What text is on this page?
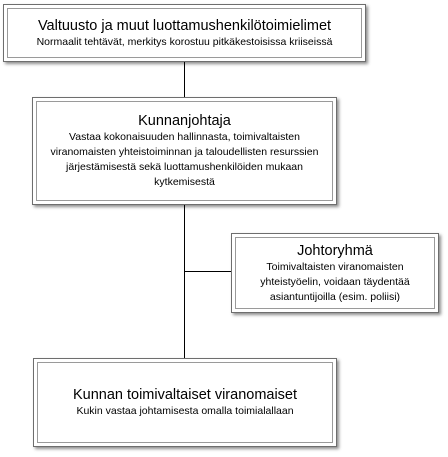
Valtuusto ja muut luottamushenkilötoimielimet
Normaalit tehtävät, merkitys korostuu pitkäkestoisissa kriiseissä
Kunnanjohtaja
Vastaa kokonaisuuden hallinnasta, toimivaltaisten viranomaisten yhteistoiminnan ja taloudellisten resurssien järjestämisestä sekä luottamushenkilöiden mukaan kytkemisestä
Johtoryhmä
Toimivaltaisten viranomaisten yhteistyöelin, voidaan täydentää asiantuntijoilla (esim. poliisi)
Kunnan toimivaltaiset viranomaiset
Kukin vastaa johtamisesta omalla toimialallaan
